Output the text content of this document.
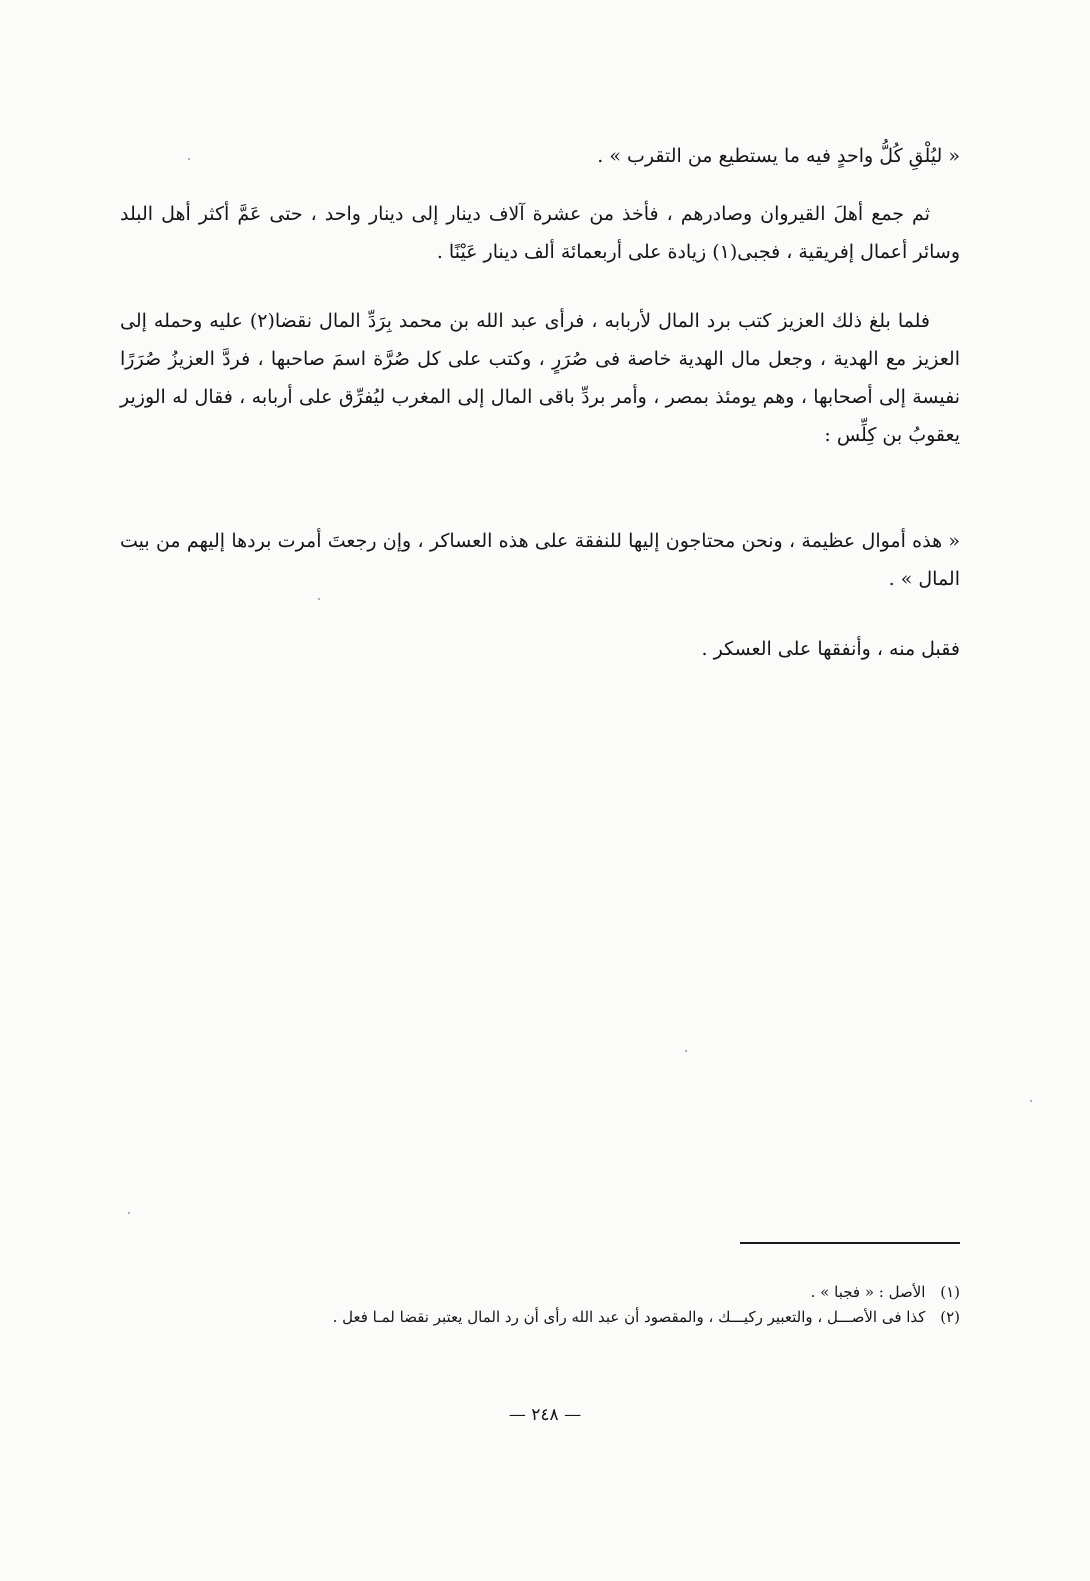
« ليُلْقِ كُلُّ واحدٍ فيه ما يستطيع من التقرب » .

ثم جمع أهلَ القيروان وصادرهم ، فأخذ من عشرة آلاف دينار إلى دينار واحد ، حتى عَمَّ أكثر أهل البلد وسائر أعمال إفريقية ، فجبى(١) زيادة على أربعمائة ألف دينار عَيْنًا .

فلما بلغ ذلك العزيز كتب برد المال لأربابه ، فرأى عبد الله بن محمد بِرَدِّ المال نقضا(٢) عليه وحمله إلى العزيز مع الهدية ، وجعل مال الهدية خاصة فى صُرَرٍ ، وكتب على كل صُرَّة اسمَ صاحبها ، فردَّ العزيزُ صُرَرًا نفيسة إلى أصحابها ، وهم يومئذ بمصر ، وأمر بردِّ باقى المال إلى المغرب ليُفرِّق على أربابه ، فقال له الوزير يعقوبُ بن كِلِّس :

« هذه أموال عظيمة ، ونحن محتاجون إليها للنفقة على هذه العساكر ، وإن رجعتَ أمرت بردها إليهم من بيت المال » .

فقبل منه ، وأنفقها على العسكر .

(١) الأصل : « فجبا » .

(٢) كذا فى الأصـــل ، والتعبير ركيـــك ، والمقصود أن عبد الله رأى أن رد المال يعتبر نقضا لمـا فعل .

— ٢٤٨ —
